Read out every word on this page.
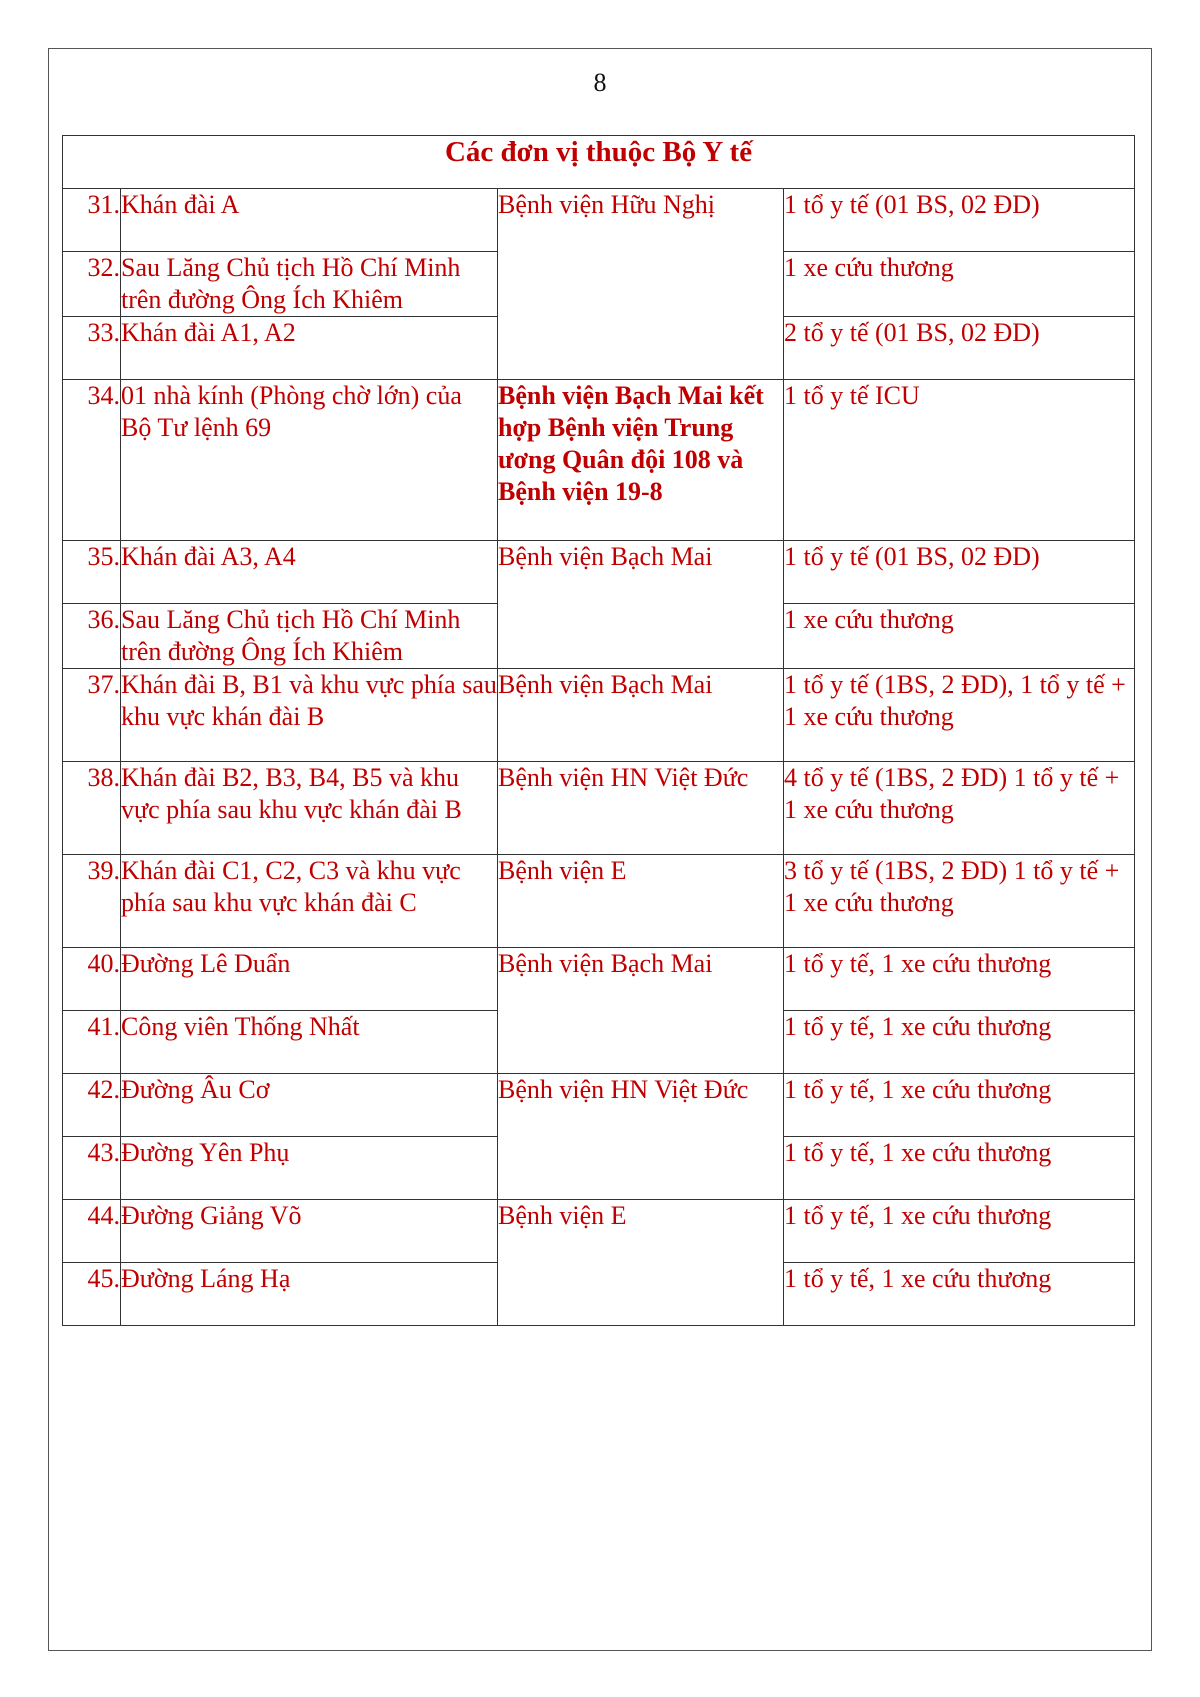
8
Các đơn vị thuộc Bộ Y tế			
31.	Khán đài A	Bệnh viện Hữu Nghị	1 tổ y tế (01 BS, 02 ĐD)
32.	Sau Lăng Chủ tịch Hồ Chí Minh trên đường Ông Ích Khiêm		1 xe cứu thương
33.	Khán đài A1, A2		2 tổ y tế (01 BS, 02 ĐD)
34.	01 nhà kính (Phòng chờ lớn) của Bộ Tư lệnh 69	Bệnh viện Bạch Mai kết hợp Bệnh viện Trung ương Quân đội 108 và Bệnh viện 19-8	1 tổ y tế ICU
35.	Khán đài A3, A4	Bệnh viện Bạch Mai	1 tổ y tế (01 BS, 02 ĐD)
36.	Sau Lăng Chủ tịch Hồ Chí Minh trên đường Ông Ích Khiêm		1 xe cứu thương
37.	Khán đài B, B1 và khu vực phía sau khu vực khán đài B	Bệnh viện Bạch Mai	1 tổ y tế (1BS, 2 ĐD), 1 tổ y tế + 1 xe cứu thương
38.	Khán đài B2, B3, B4, B5 và khu vực phía sau khu vực khán đài B	Bệnh viện HN Việt Đức	4 tổ y tế (1BS, 2 ĐD) 1 tổ y tế + 1 xe cứu thương
39.	Khán đài C1, C2, C3 và khu vực phía sau khu vực khán đài C	Bệnh viện E	3 tổ y tế (1BS, 2 ĐD) 1 tổ y tế + 1 xe cứu thương
40.	Đường Lê Duẩn	Bệnh viện Bạch Mai	1 tổ y tế, 1 xe cứu thương
41.	Công viên Thống Nhất		1 tổ y tế, 1 xe cứu thương
42.	Đường Âu Cơ	Bệnh viện HN Việt Đức	1 tổ y tế, 1 xe cứu thương
43.	Đường Yên Phụ		1 tổ y tế, 1 xe cứu thương
44.	Đường Giảng Võ	Bệnh viện E	1 tổ y tế, 1 xe cứu thương
45.	Đường Láng Hạ		1 tổ y tế, 1 xe cứu thương
